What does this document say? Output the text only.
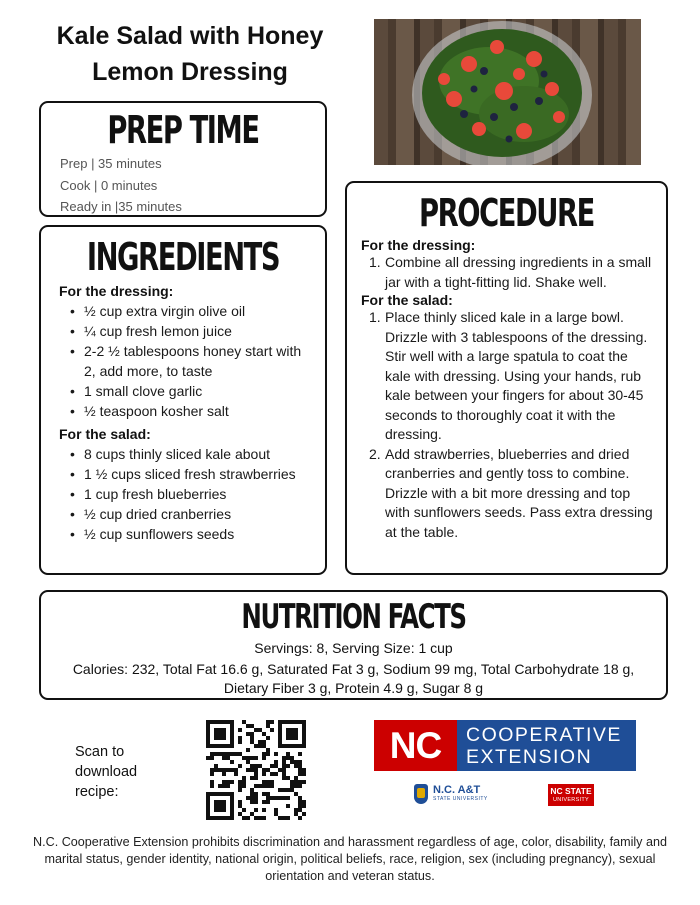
Kale Salad with Honey
Lemon Dressing
PREP TIME
Prep | 35 minutes
Cook | 0 minutes
Ready in |35 minutes
INGREDIENTS
For the dressing:
• ½ cup extra virgin olive oil
• ¼ cup fresh lemon juice
• 2-2 ½ tablespoons honey start with 2, add more, to taste
• 1 small clove garlic
• ½ teaspoon kosher salt
For the salad:
• 8 cups thinly sliced kale about
• 1 ½ cups sliced fresh strawberries
• 1 cup fresh blueberries
• ½ cup dried cranberries
• ½ cup sunflowers seeds
PROCEDURE
For the dressing:
1. Combine all dressing ingredients in a small jar with a tight-fitting lid. Shake well.
For the salad:
1. Place thinly sliced kale in a large bowl. Drizzle with 3 tablespoons of the dressing. Stir well with a large spatula to coat the kale with dressing. Using your hands, rub kale between your fingers for about 30-45 seconds to thoroughly coat it with the dressing.
2. Add strawberries, blueberries and dried cranberries and gently toss to combine. Drizzle with a bit more dressing and top with sunflowers seeds. Pass extra dressing at the table.
NUTRITION FACTS
Servings: 8, Serving Size: 1 cup
Calories: 232, Total Fat 16.6 g, Saturated Fat 3 g, Sodium 99 mg, Total Carbohydrate 18 g,
Dietary Fiber 3 g, Protein 4.9 g, Sugar 8 g
Scan to
download
recipe:
NC	COOPERATIVE
EXTENSION
N.C. A&T
STATE UNIVERSITY
NC STATE
UNIVERSITY
N.C. Cooperative Extension prohibits discrimination and harassment regardless of age, color, disability, family and marital status, gender identity, national origin, political beliefs, race, religion, sex (including pregnancy), sexual orientation and veteran status.
